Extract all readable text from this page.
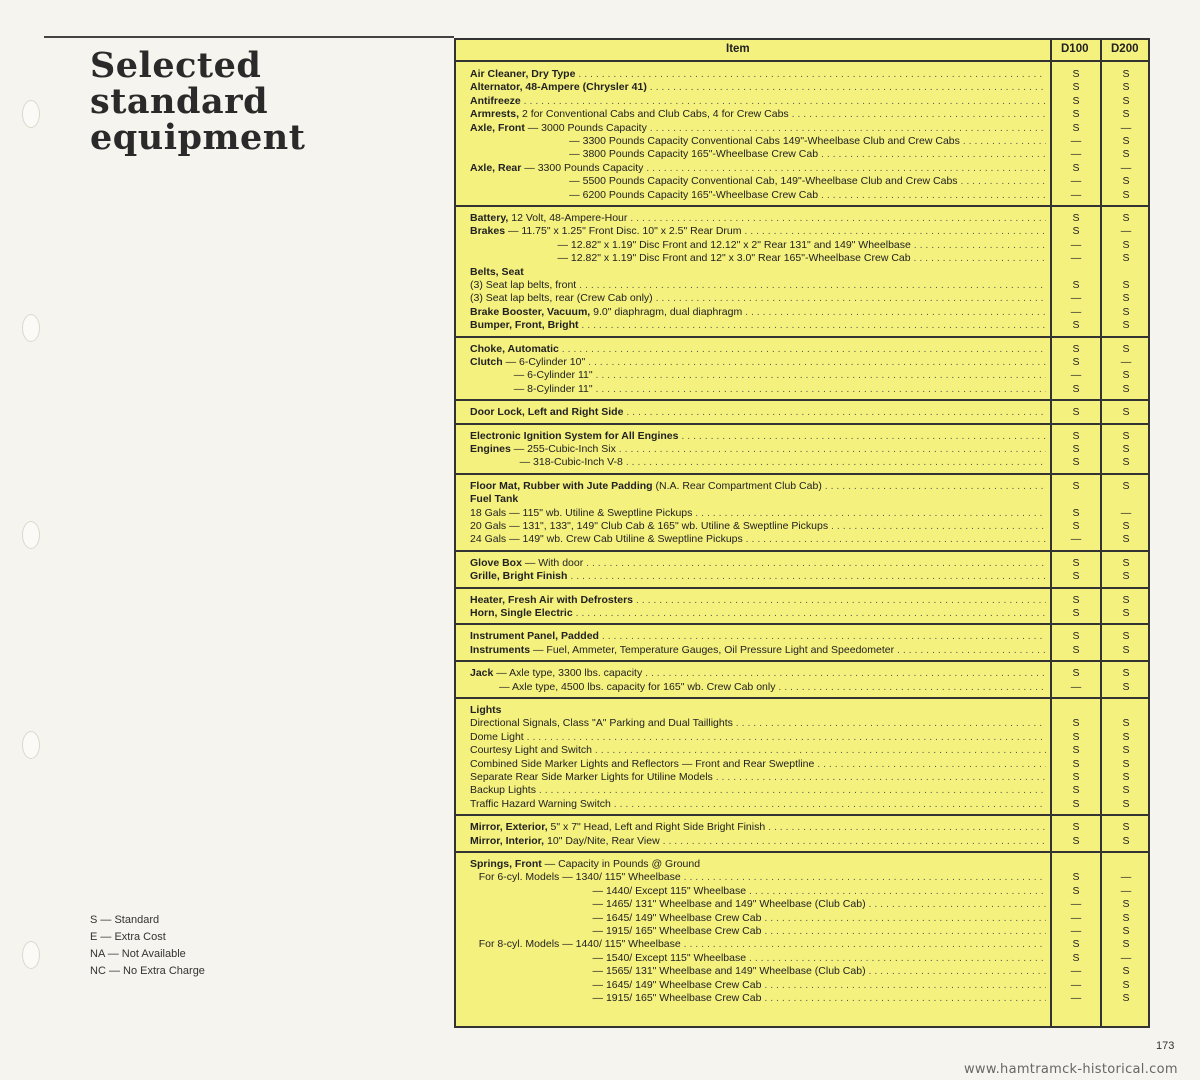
Selected
standard
equipment
S — Standard
E — Extra Cost
NA — Not Available
NC — No Extra Charge
Item	D100 D200
Air Cleaner, Dry Type . . .	S	S
Alternator, 48-Ampere (Chrysler 41) . . .	S	S
Antifreeze . . .	S	S
Armrests, 2 for Conventional Cabs and Club Cabs, 4 for Crew Cabs . . .	S	S
Axle, Front — 3000 Pounds Capacity . . .	S	—
— 3300 Pounds Capacity Conventional Cabs 149"-Wheelbase Club and Crew Cabs . . .	—	S
— 3800 Pounds Capacity 165"-Wheelbase Crew Cab . . .	—	S
Axle, Rear — 3300 Pounds Capacity . . .	S	—
— 5500 Pounds Capacity Conventional Cab, 149"-Wheelbase Club and Crew Cabs . . .	—	S
— 6200 Pounds Capacity 165"-Wheelbase Crew Cab . . .	—	S
Battery, 12 Volt, 48-Ampere-Hour . . .	S	S
Brakes — 11.75" x 1.25" Front Disc. 10" x 2.5" Rear Drum . . .	S	—
— 12.82" x 1.19" Disc Front and 12.12" x 2" Rear 131" and 149" Wheelbase . . .	—	S
— 12.82" x 1.19" Disc Front and 12" x 3.0" Rear 165"-Wheelbase Crew Cab . . .	—	S
Belts, Seat
(3) Seat lap belts, front . . .	S	S
(3) Seat lap belts, rear (Crew Cab only) . . .	—	S
Brake Booster, Vacuum, 9.0" diaphragm, dual diaphragm . . .	—	S
Bumper, Front, Bright . . .	S	S
Choke, Automatic . . .	S	S
Clutch — 6-Cylinder 10" . . .	S	—
— 6-Cylinder 11" . . .	—	S
— 8-Cylinder 11" . . .	S	S
Door Lock, Left and Right Side . . .	S	S
Electronic Ignition System for All Engines . . .	S	S
Engines — 255-Cubic-Inch Six . . .	S	S
— 318-Cubic-Inch V-8 . . .	S	S
Floor Mat, Rubber with Jute Padding (N.A. Rear Compartment Club Cab) . . .	S	S
Fuel Tank
18 Gals — 115" wb. Utiline & Sweptline Pickups . . .	S	—
20 Gals — 131", 133", 149" Club Cab & 165" wb. Utiline & Sweptline Pickups . . .	S	S
24 Gals — 149" wb. Crew Cab Utiline & Sweptline Pickups . . .	—	S
Glove Box — With door . . .	S	S
Grille, Bright Finish . . .	S	S
Heater, Fresh Air with Defrosters . . .	S	S
Horn, Single Electric . . .	S	S
Instrument Panel, Padded . . .	S	S
Instruments — Fuel, Ammeter, Temperature Gauges, Oil Pressure Light and Speedometer . . .	S	S
Jack — Axle type, 3300 lbs. capacity . . .	S	S
— Axle type, 4500 lbs. capacity for 165" wb. Crew Cab only . . .	—	S
Lights
Directional Signals, Class "A" Parking and Dual Taillights . . .	S	S
Dome Light . . .	S	S
Courtesy Light and Switch . . .	S	S
Combined Side Marker Lights and Reflectors — Front and Rear Sweptline . . .	S	S
Separate Rear Side Marker Lights for Utiline Models . . .	S	S
Backup Lights . . .	S	S
Traffic Hazard Warning Switch . . .	S	S
Mirror, Exterior, 5" x 7" Head, Left and Right Side Bright Finish . . .	S	S
Mirror, Interior, 10" Day/Nite, Rear View . . .	S	S
Springs, Front — Capacity in Pounds @ Ground
For 6-cyl. Models — 1340/ 115" Wheelbase . . .	S	—
— 1440/ Except 115" Wheelbase . . .	S	—
— 1465/ 131" Wheelbase and 149" Wheelbase (Club Cab) . . .	—	S
— 1645/ 149" Wheelbase Crew Cab . . .	—	S
— 1915/ 165" Wheelbase Crew Cab . . .	—	S
For 8-cyl. Models — 1440/ 115" Wheelbase . . .	S	S
— 1540/ Except 115" Wheelbase . . .	S	—
— 1565/ 131" Wheelbase and 149" Wheelbase (Club Cab) . . .	—	S
— 1645/ 149" Wheelbase Crew Cab . . .	—	S
— 1915/ 165" Wheelbase Crew Cab . . .	—	S
173
www.hamtramck-historical.com
